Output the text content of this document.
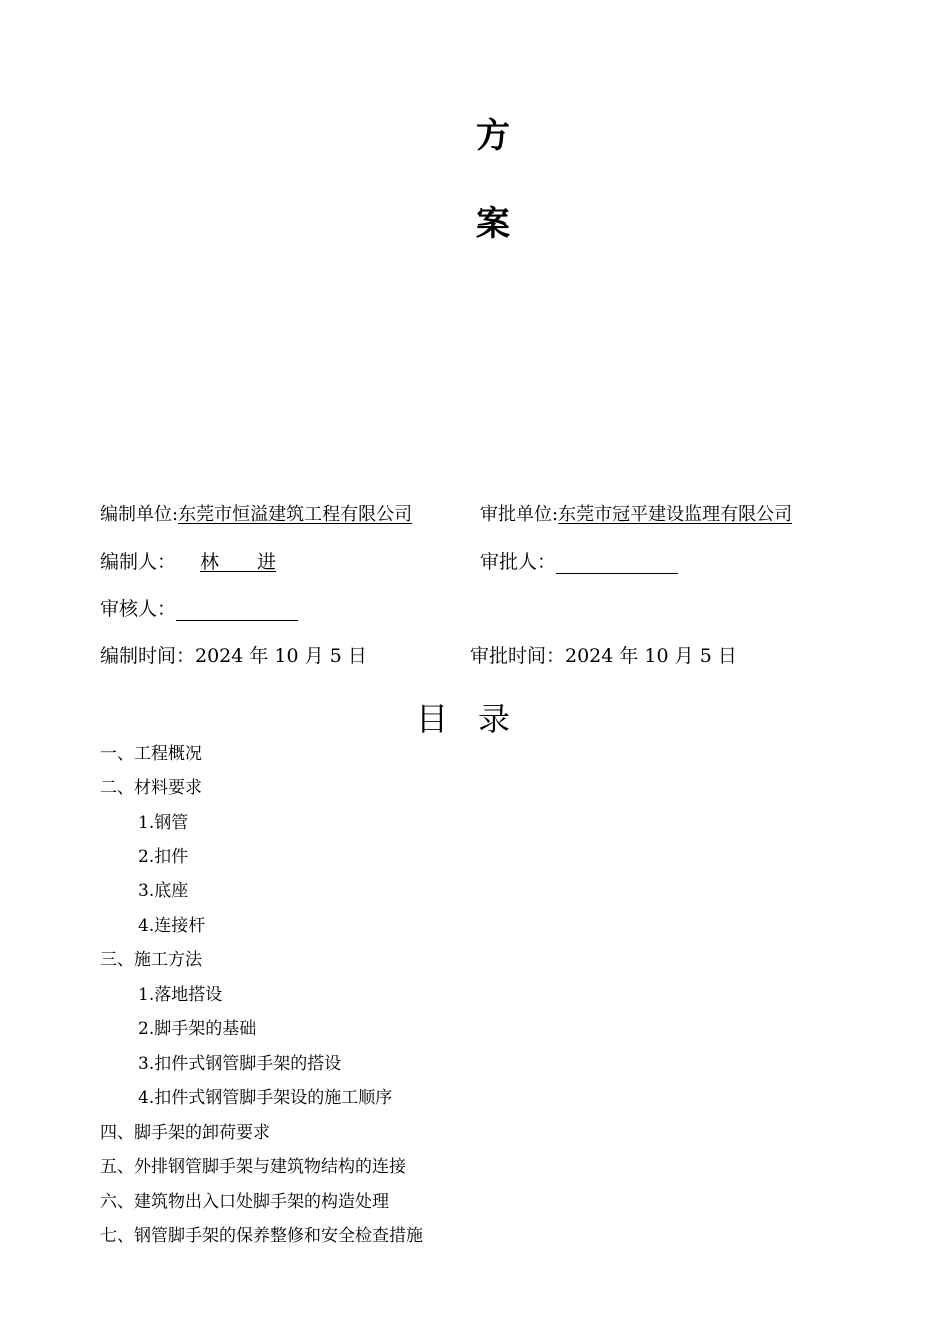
方
案
编制单位:东莞市恒溢建筑工程有限公司	审批单位:东莞市冠平建设监理有限公司
编制人： 林　　进	审批人：
审核人：
编制时间：2024 年 10 月 5 日	审批时间：2024 年 10 月 5 日
目录
一、工程概况
二、材料要求
1.钢管
2.扣件
3.底座
4.连接杆
三、施工方法
1.落地搭设
2.脚手架的基础
3.扣件式钢管脚手架的搭设
4.扣件式钢管脚手架设的施工顺序
四、脚手架的卸荷要求
五、外排钢管脚手架与建筑物结构的连接
六、建筑物出入口处脚手架的构造处理
七、钢管脚手架的保养整修和安全检查措施
